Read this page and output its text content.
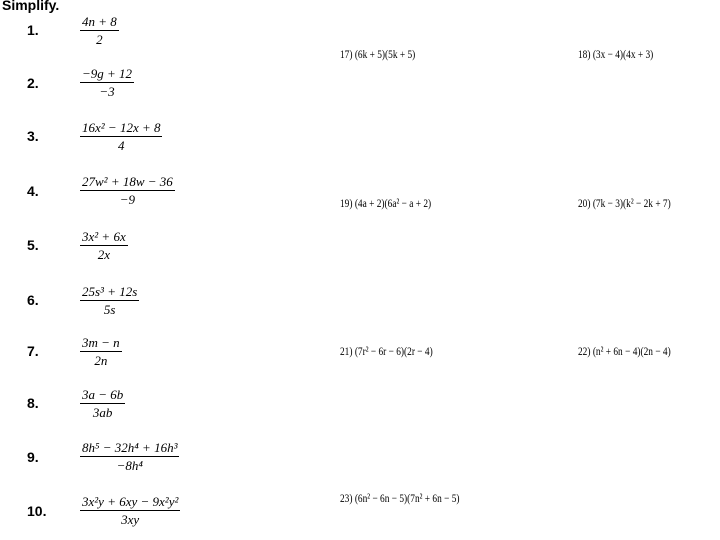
Simplify.
1.	$\frac{4n + 8}{2}$
2.	$\frac{-9g + 12}{-3}$
3.	$\frac{\text{16x² − 12x + 8}}{4}$
4.	$\frac{\text{27w² + 18w − 36}}{-9}$
5.	$\frac{\text{3x² + 6x}}{2x}$
6.	$\frac{\text{25s³ + 12s}}{5s}$
7.	$\frac{3m - n}{2n}$
8.	$\frac{3a - 6b}{3ab}$
9.	$\frac{\text{8h⁵ − 32h⁴ + 16h³}}{\text{−8h⁴}}$
10.	$\frac{\text{3x²y + 6xy − 9x²y²}}{3xy}$
17) (6k + 5)(5k + 5)	18) (3x − 4)(4x + 3)
19) (4a + 2)(6a² − a + 2)	20) (7k − 3)(k² − 2k + 7)
21) (7r² − 6r − 6)(2r − 4)	22) (n² + 6n − 4)(2n − 4)
23) (6n² − 6n − 5)(7n² + 6n − 5)
